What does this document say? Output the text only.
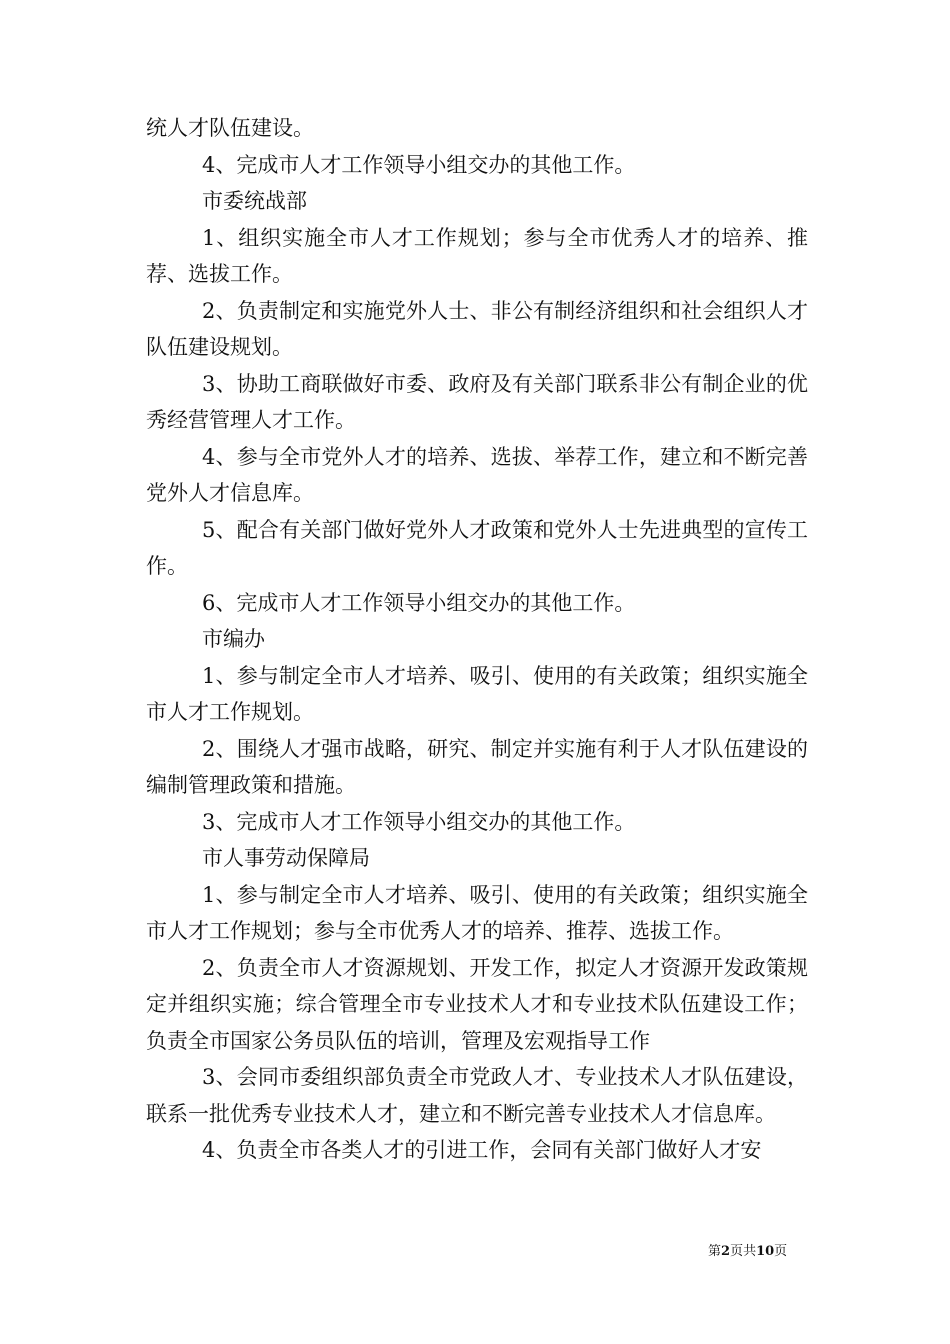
统人才队伍建设。

4、完成市人才工作领导小组交办的其他工作。

市委统战部

1、组织实施全市人才工作规划；参与全市优秀人才的培养、推荐、选拔工作。

2、负责制定和实施党外人士、非公有制经济组织和社会组织人才队伍建设规划。

3、协助工商联做好市委、政府及有关部门联系非公有制企业的优秀经营管理人才工作。

4、参与全市党外人才的培养、选拔、举荐工作，建立和不断完善党外人才信息库。

5、配合有关部门做好党外人才政策和党外人士先进典型的宣传工作。

6、完成市人才工作领导小组交办的其他工作。

市编办

1、参与制定全市人才培养、吸引、使用的有关政策；组织实施全市人才工作规划。

2、围绕人才强市战略，研究、制定并实施有利于人才队伍建设的编制管理政策和措施。

3、完成市人才工作领导小组交办的其他工作。

市人事劳动保障局

1、参与制定全市人才培养、吸引、使用的有关政策；组织实施全市人才工作规划；参与全市优秀人才的培养、推荐、选拔工作。

2、负责全市人才资源规划、开发工作，拟定人才资源开发政策规定并组织实施；综合管理全市专业技术人才和专业技术队伍建设工作；负责全市国家公务员队伍的培训，管理及宏观指导工作

3、会同市委组织部负责全市党政人才、专业技术人才队伍建设，联系一批优秀专业技术人才，建立和不断完善专业技术人才信息库。

4、负责全市各类人才的引进工作，会同有关部门做好人才安

第2页共10页
